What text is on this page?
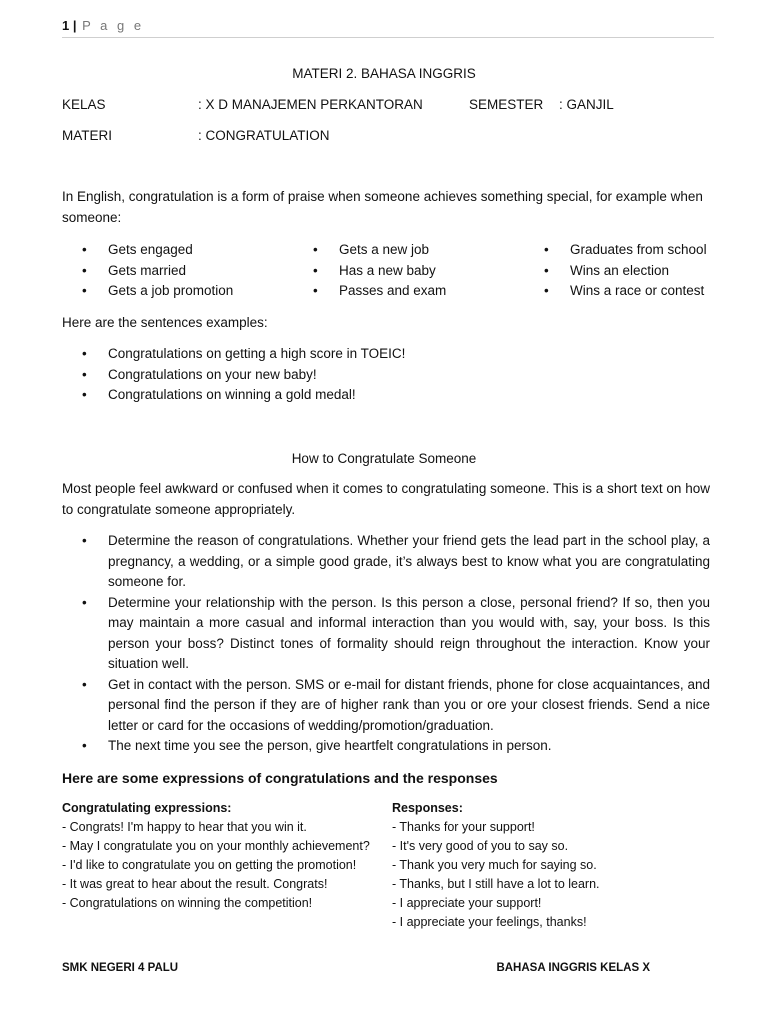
1 | P a g e
MATERI 2. BAHASA INGGRIS
KELAS	: X D MANAJEMEN PERKANTORAN	SEMESTER : GANJIL
MATERI	: CONGRATULATION

In English, congratulation is a form of praise when someone achieves something special, for example when someone:

• Gets engaged
• Gets married
• Gets a job promotion
• Gets a new job
• Has a new baby
• Passes and exam
• Graduates from school
• Wins an election
• Wins a race or contest

Here are the sentences examples:

• Congratulations on getting a high score in TOEIC!
• Congratulations on your new baby!
• Congratulations on winning a gold medal!
How to Congratulate Someone

Most people feel awkward or confused when it comes to congratulating someone. This is a short text on how to congratulate someone appropriately.

• Determine the reason of congratulations. Whether your friend gets the lead part in the school play, a pregnancy, a wedding, or a simple good grade, it’s always best to know what you are congratulating someone for.
• Determine your relationship with the person. Is this person a close, personal friend? If so, then you may maintain a more casual and informal interaction than you would with, say, your boss. Is this person your boss? Distinct tones of formality should reign throughout the interaction. Know your situation well.
• Get in contact with the person. SMS or e-mail for distant friends, phone for close acquaintances, and personal find the person if they are of higher rank than you or ore your closest friends. Send a nice letter or card for the occasions of wedding/promotion/graduation.
• The next time you see the person, give heartfelt congratulations in person.
Here are some expressions of congratulations and the responses
Congratulating expressions:
- Congrats! I'm happy to hear that you win it.
- May I congratulate you on your monthly achievement?
- I'd like to congratulate you on getting the promotion!
- It was great to hear about the result. Congrats!
- Congratulations on winning the competition!
Responses:
- Thanks for your support!
- It's very good of you to say so.
- Thank you very much for saying so.
- Thanks, but I still have a lot to learn.
- I appreciate your support!
- I appreciate your feelings, thanks!
SMK NEGERI 4 PALU	BAHASA INGGRIS KELAS X
